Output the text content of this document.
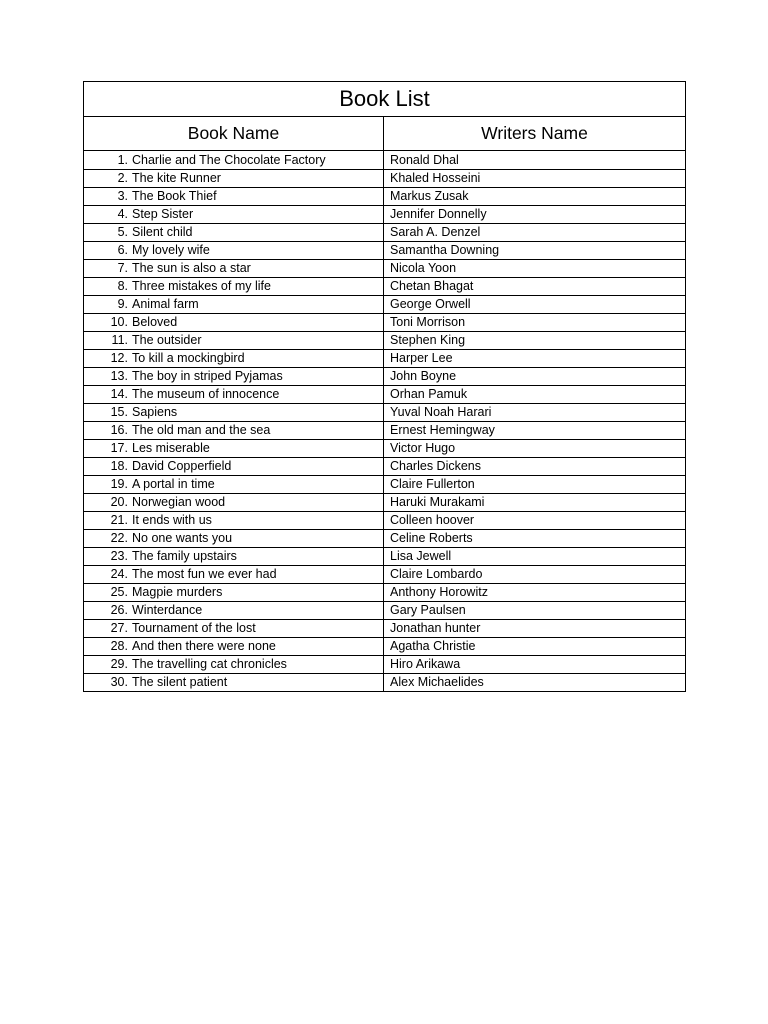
Book List	
Book Name	Writers Name
1. Charlie and The Chocolate Factory	Ronald Dhal
2. The kite Runner	Khaled Hosseini
3. The Book Thief	Markus Zusak
4. Step Sister	Jennifer Donnelly
5. Silent child	Sarah A. Denzel
6. My lovely wife	Samantha Downing
7. The sun is also a star	Nicola Yoon
8. Three mistakes of my life	Chetan Bhagat
9. Animal farm	George Orwell
10. Beloved	Toni Morrison
11. The outsider	Stephen King
12. To kill a mockingbird	Harper Lee
13. The boy in striped Pyjamas	John Boyne
14. The museum of innocence	Orhan Pamuk
15. Sapiens	Yuval Noah Harari
16. The old man and the sea	Ernest Hemingway
17. Les miserable	Victor Hugo
18. David Copperfield	Charles Dickens
19. A portal in time	Claire Fullerton
20. Norwegian wood	Haruki Murakami
21. It ends with us	Colleen hoover
22. No one wants you	Celine Roberts
23. The family upstairs	Lisa Jewell
24. The most fun we ever had	Claire Lombardo
25. Magpie murders	Anthony Horowitz
26. Winterdance	Gary Paulsen
27. Tournament of the lost	Jonathan hunter
28. And then there were none	Agatha Christie
29. The travelling cat chronicles	Hiro Arikawa
30. The silent patient	Alex Michaelides
